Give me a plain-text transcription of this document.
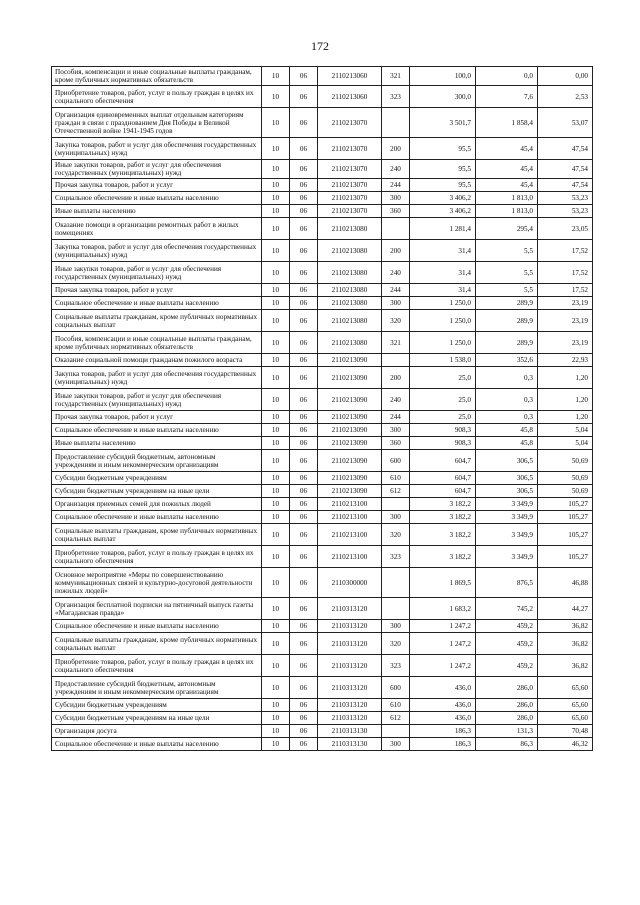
172
Пособия, компенсации и иные социальные выплаты гражданам, кроме публичных нормативных обязательств	10	06	2110213060	321	100,0	0,0	0,00
Приобретение товаров, работ, услуг в пользу граждан в целях их социального обеспечения	10	06	2110213060	323	300,0	7,6	2,53
Организация единовременных выплат отдельным категориям граждан в связи с празднованием Дня Победы в Великой Отечественной войне 1941-1945 годов	10	06	2110213070		3 501,7	1 858,4	53,07
Закупка товаров, работ и услуг для обеспечения государственных (муниципальных) нужд	10	06	2110213070	200	95,5	45,4	47,54
Иные закупки товаров, работ и услуг для обеспечения государственных (муниципальных) нужд	10	06	2110213070	240	95,5	45,4	47,54
Прочая закупка товаров, работ и услуг	10	06	2110213070	244	95,5	45,4	47,54
Социальное обеспечение и иные выплаты населению	10	06	2110213070	300	3 406,2	1 813,0	53,23
Иные выплаты населению	10	06	2110213070	360	3 406,2	1 813,0	53,23
Оказание помощи в организации ремонтных работ в жилых помещениях	10	06	2110213080		1 281,4	295,4	23,05
Закупка товаров, работ и услуг для обеспечения государственных (муниципальных) нужд	10	06	2110213080	200	31,4	5,5	17,52
Иные закупки товаров, работ и услуг для обеспечения государственных (муниципальных) нужд	10	06	2110213080	240	31,4	5,5	17,52
Прочая закупка товаров, работ и услуг	10	06	2110213080	244	31,4	5,5	17,52
Социальное обеспечение и иные выплаты населению	10	06	2110213080	300	1 250,0	289,9	23,19
Социальные выплаты гражданам, кроме публичных нормативных социальных выплат	10	06	2110213080	320	1 250,0	289,9	23,19
Пособия, компенсации и иные социальные выплаты гражданам, кроме публичных нормативных обязательств	10	06	2110213080	321	1 250,0	289,9	23,19
Оказание социальной помощи гражданам пожилого возраста	10	06	2110213090		1 538,0	352,6	22,93
Закупка товаров, работ и услуг для обеспечения государственных (муниципальных) нужд	10	06	2110213090	200	25,0	0,3	1,20
Иные закупки товаров, работ и услуг для обеспечения государственных (муниципальных) нужд	10	06	2110213090	240	25,0	0,3	1,20
Прочая закупка товаров, работ и услуг	10	06	2110213090	244	25,0	0,3	1,20
Социальное обеспечение и иные выплаты населению	10	06	2110213090	300	908,3	45,8	5,04
Иные выплаты населению	10	06	2110213090	360	908,3	45,8	5,04
Предоставление субсидий бюджетным, автономным учреждениям и иным некоммерческим организациям	10	06	2110213090	600	604,7	306,5	50,69
Субсидии бюджетным учреждениям	10	06	2110213090	610	604,7	306,5	50,69
Субсидии бюджетным учреждениям на иные цели	10	06	2110213090	612	604,7	306,5	50,69
Организация приемных семей для пожилых людей	10	06	2110213100		3 182,2	3 349,9	105,27
Социальное обеспечение и иные выплаты населению	10	06	2110213100	300	3 182,2	3 349,9	105,27
Социальные выплаты гражданам, кроме публичных нормативных социальных выплат	10	06	2110213100	320	3 182,2	3 349,9	105,27
Приобретение товаров, работ, услуг в пользу граждан в целях их социального обеспечения	10	06	2110213100	323	3 182,2	3 349,9	105,27
Основное мероприятие «Меры по совершенствованию коммуникационных связей и культурно-досуговой деятельности пожилых людей»	10	06	2110300000		1 869,5	876,5	46,88
Организация бесплатной подписки на пятничный выпуск газеты «Магаданская правда»	10	06	2110313120		1 683,2	745,2	44,27
Социальное обеспечение и иные выплаты населению	10	06	2110313120	300	1 247,2	459,2	36,82
Социальные выплаты гражданам, кроме публичных нормативных социальных выплат	10	06	2110313120	320	1 247,2	459,2	36,82
Приобретение товаров, работ, услуг в пользу граждан в целях их социального обеспечения	10	06	2110313120	323	1 247,2	459,2	36,82
Предоставление субсидий бюджетным, автономным учреждениям и иным некоммерческим организациям	10	06	2110313120	600	436,0	286,0	65,60
Субсидии бюджетным учреждениям	10	06	2110313120	610	436,0	286,0	65,60
Субсидии бюджетным учреждениям на иные цели	10	06	2110313120	612	436,0	286,0	65,60
Организация досуга	10	06	2110313130		186,3	131,3	70,48
Социальное обеспечение и иные выплаты населению	10	06	2110313130	300	186,3	86,3	46,32
